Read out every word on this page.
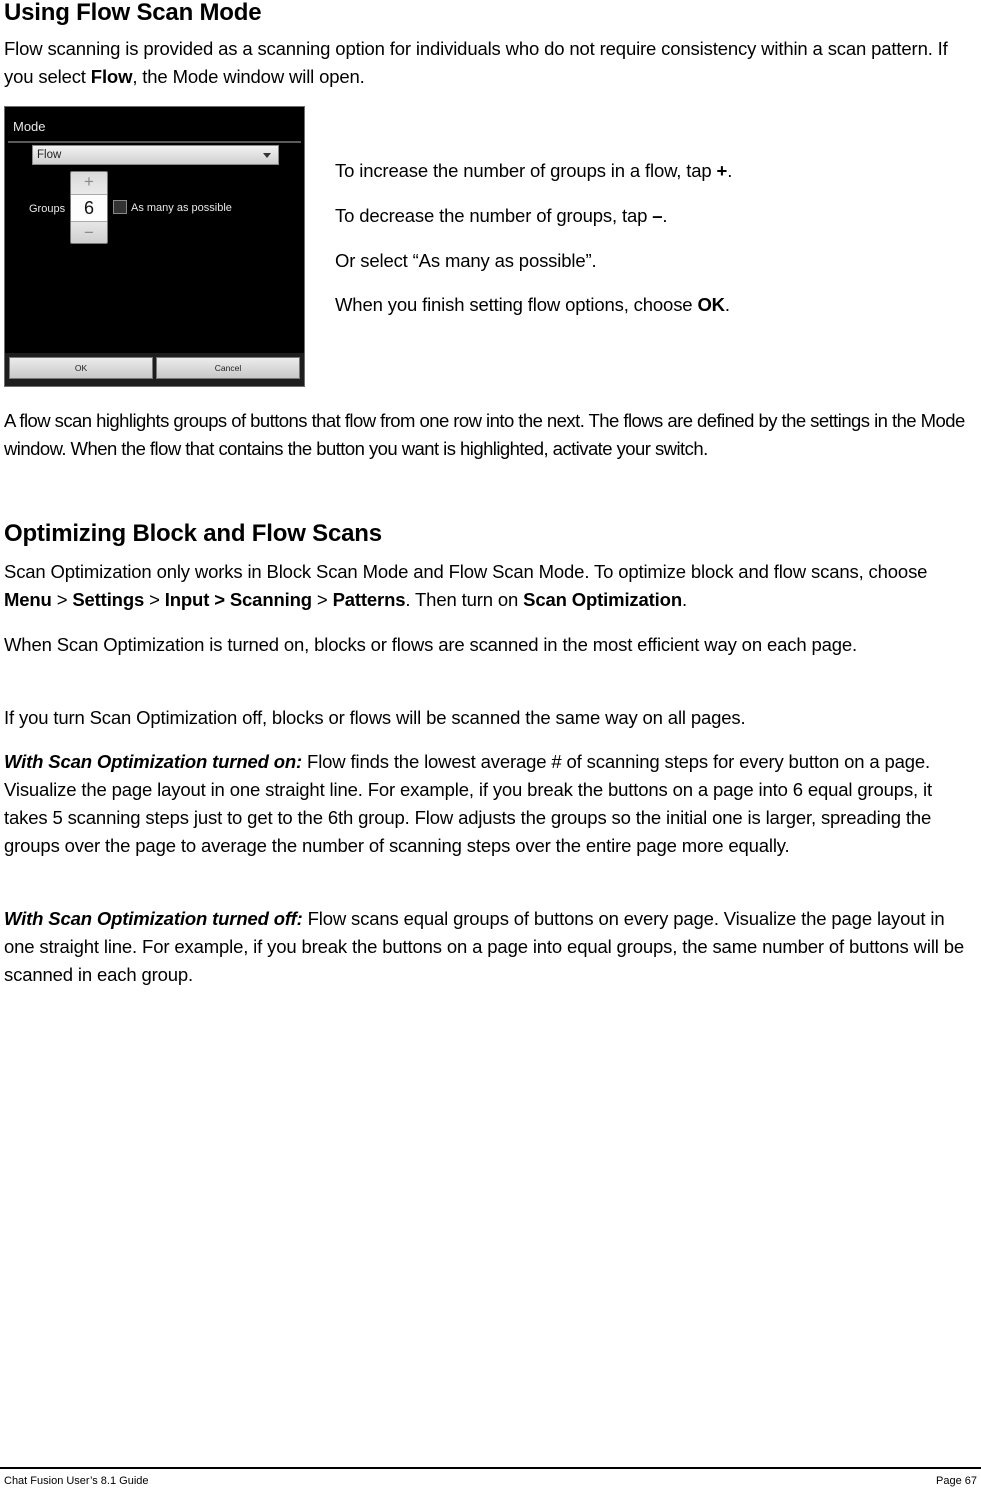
Using Flow Scan Mode
Flow scanning is provided as a scanning option for individuals who do not require consistency within a scan pattern. If you select Flow, the Mode window will open.
Mode
Flow
Groups
+
6
−
As many as possible
OK	Cancel
To increase the number of groups in a flow, tap +.
To decrease the number of groups, tap –.
Or select “As many as possible”.
When you finish setting flow options, choose OK.
A flow scan highlights groups of buttons that flow from one row into the next. The flows are defined by the settings in the Mode window. When the flow that contains the button you want is highlighted, activate your switch.
Optimizing Block and Flow Scans
Scan Optimization only works in Block Scan Mode and Flow Scan Mode. To optimize block and flow scans, choose Menu > Settings > Input > Scanning > Patterns. Then turn on Scan Optimization.
When Scan Optimization is turned on, blocks or flows are scanned in the most efficient way on each page.
If you turn Scan Optimization off, blocks or flows will be scanned the same way on all pages.
With Scan Optimization turned on: Flow finds the lowest average # of scanning steps for every button on a page. Visualize the page layout in one straight line. For example, if you break the buttons on a page into 6 equal groups, it takes 5 scanning steps just to get to the 6th group. Flow adjusts the groups so the initial one is larger, spreading the groups over the page to average the number of scanning steps over the entire page more equally.
With Scan Optimization turned off: Flow scans equal groups of buttons on every page. Visualize the page layout in one straight line. For example, if you break the buttons on a page into equal groups, the same number of buttons will be scanned in each group.
Chat Fusion User’s 8.1 Guide	Page 67
